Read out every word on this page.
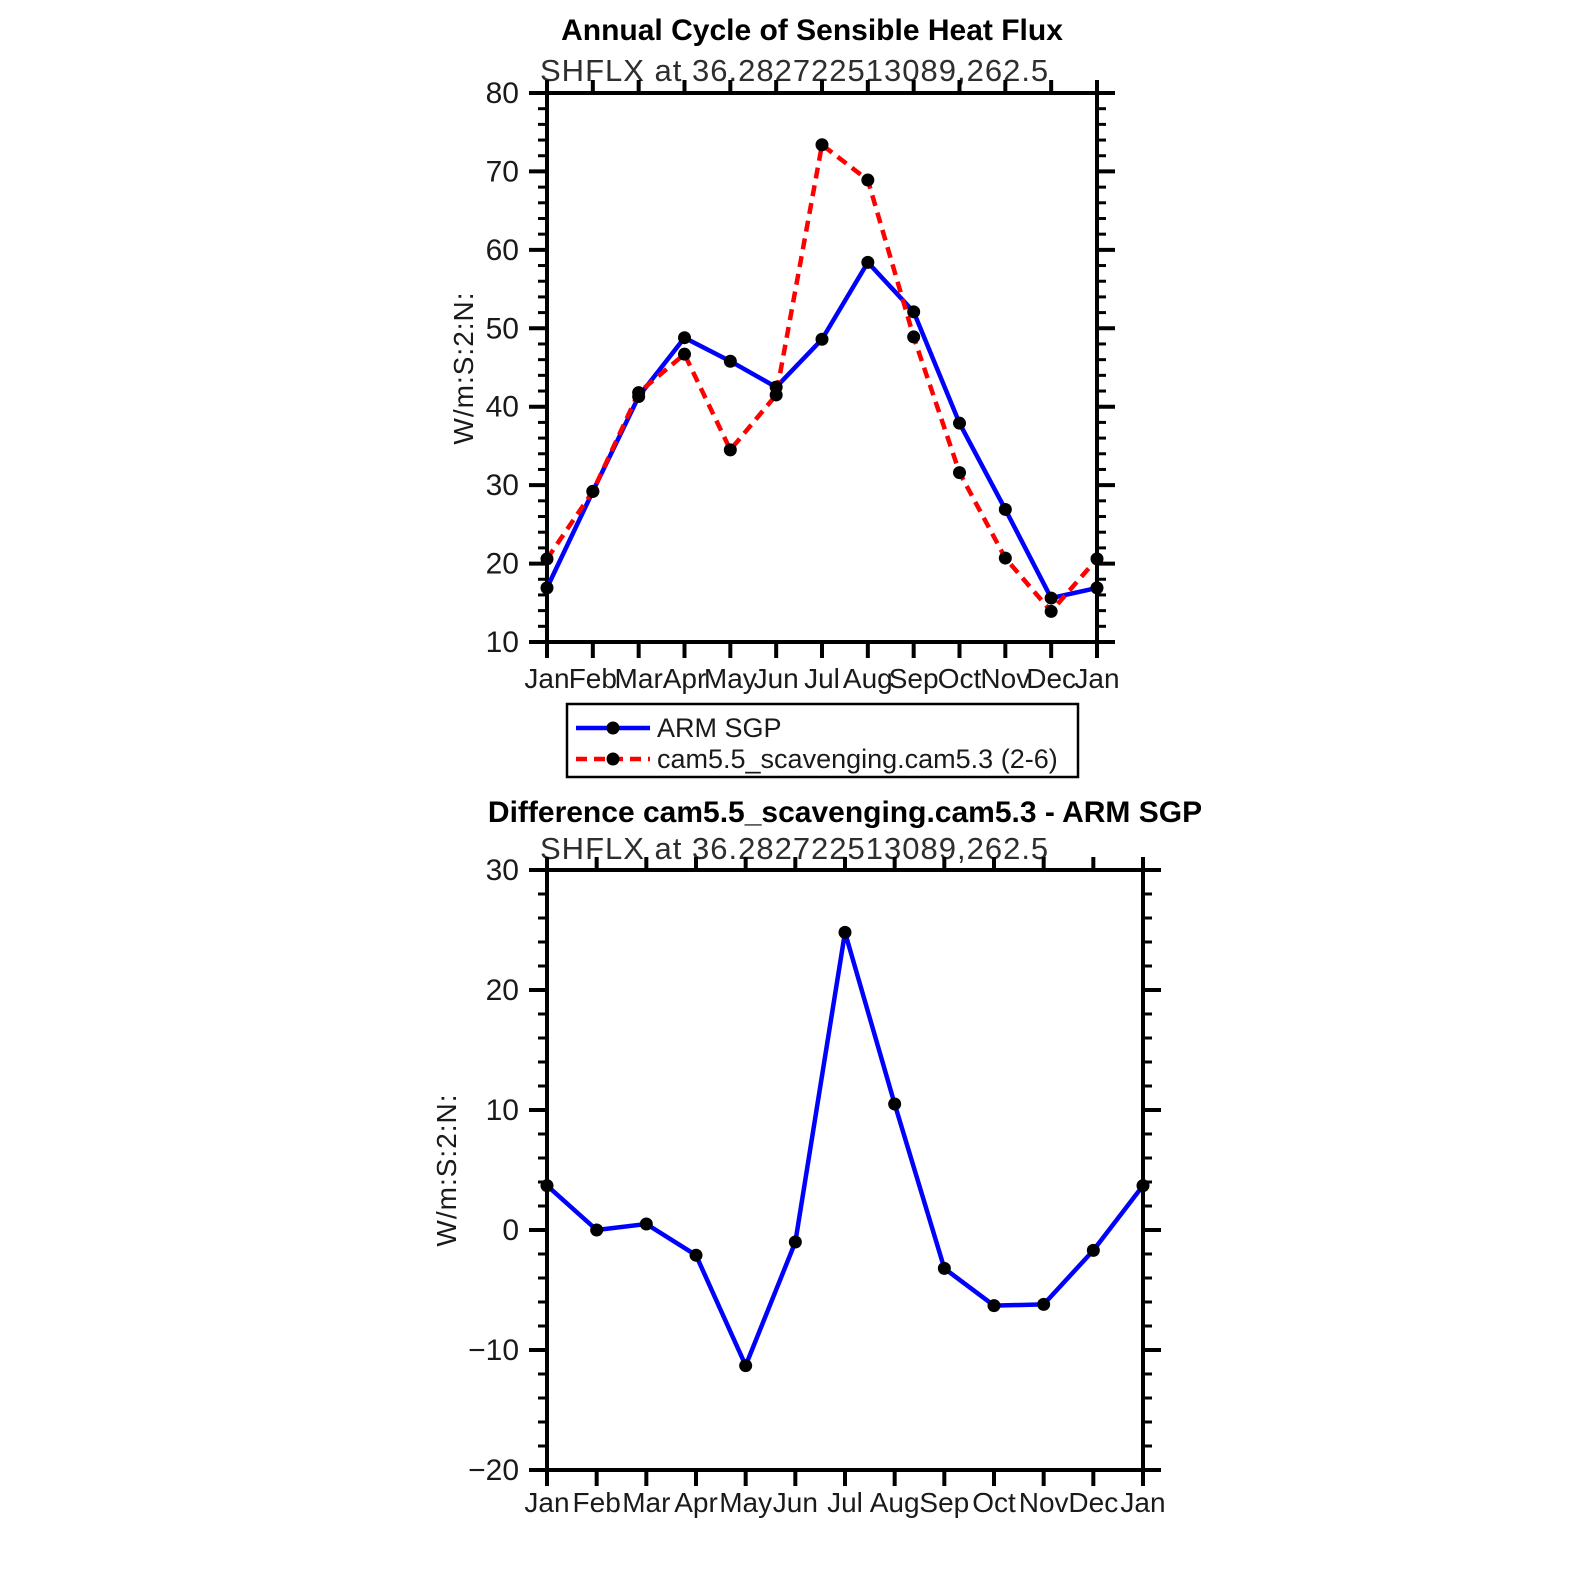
Annual Cycle of Sensible Heat Flux
SHFLX at 36.282722513089,262.5
W/m:S:2:N:
10
20
30
40
50
60
70
80
Jan Feb
Mar Apr
May
Jun Jul Aug
Sep Oct Nov
Dec
Jan
ARM SGP
cam5.5_scavenging.cam5.3 (2-6)
Difference cam5.5_scavenging.cam5.3 - ARM SGP
SHFLX at 36.282722513089,262.5
W/m:S:2:N:
−20
−10
0
10
20
30
Jan Feb Mar Apr May Jun Jul Aug Sep Oct Nov Dec Jan
